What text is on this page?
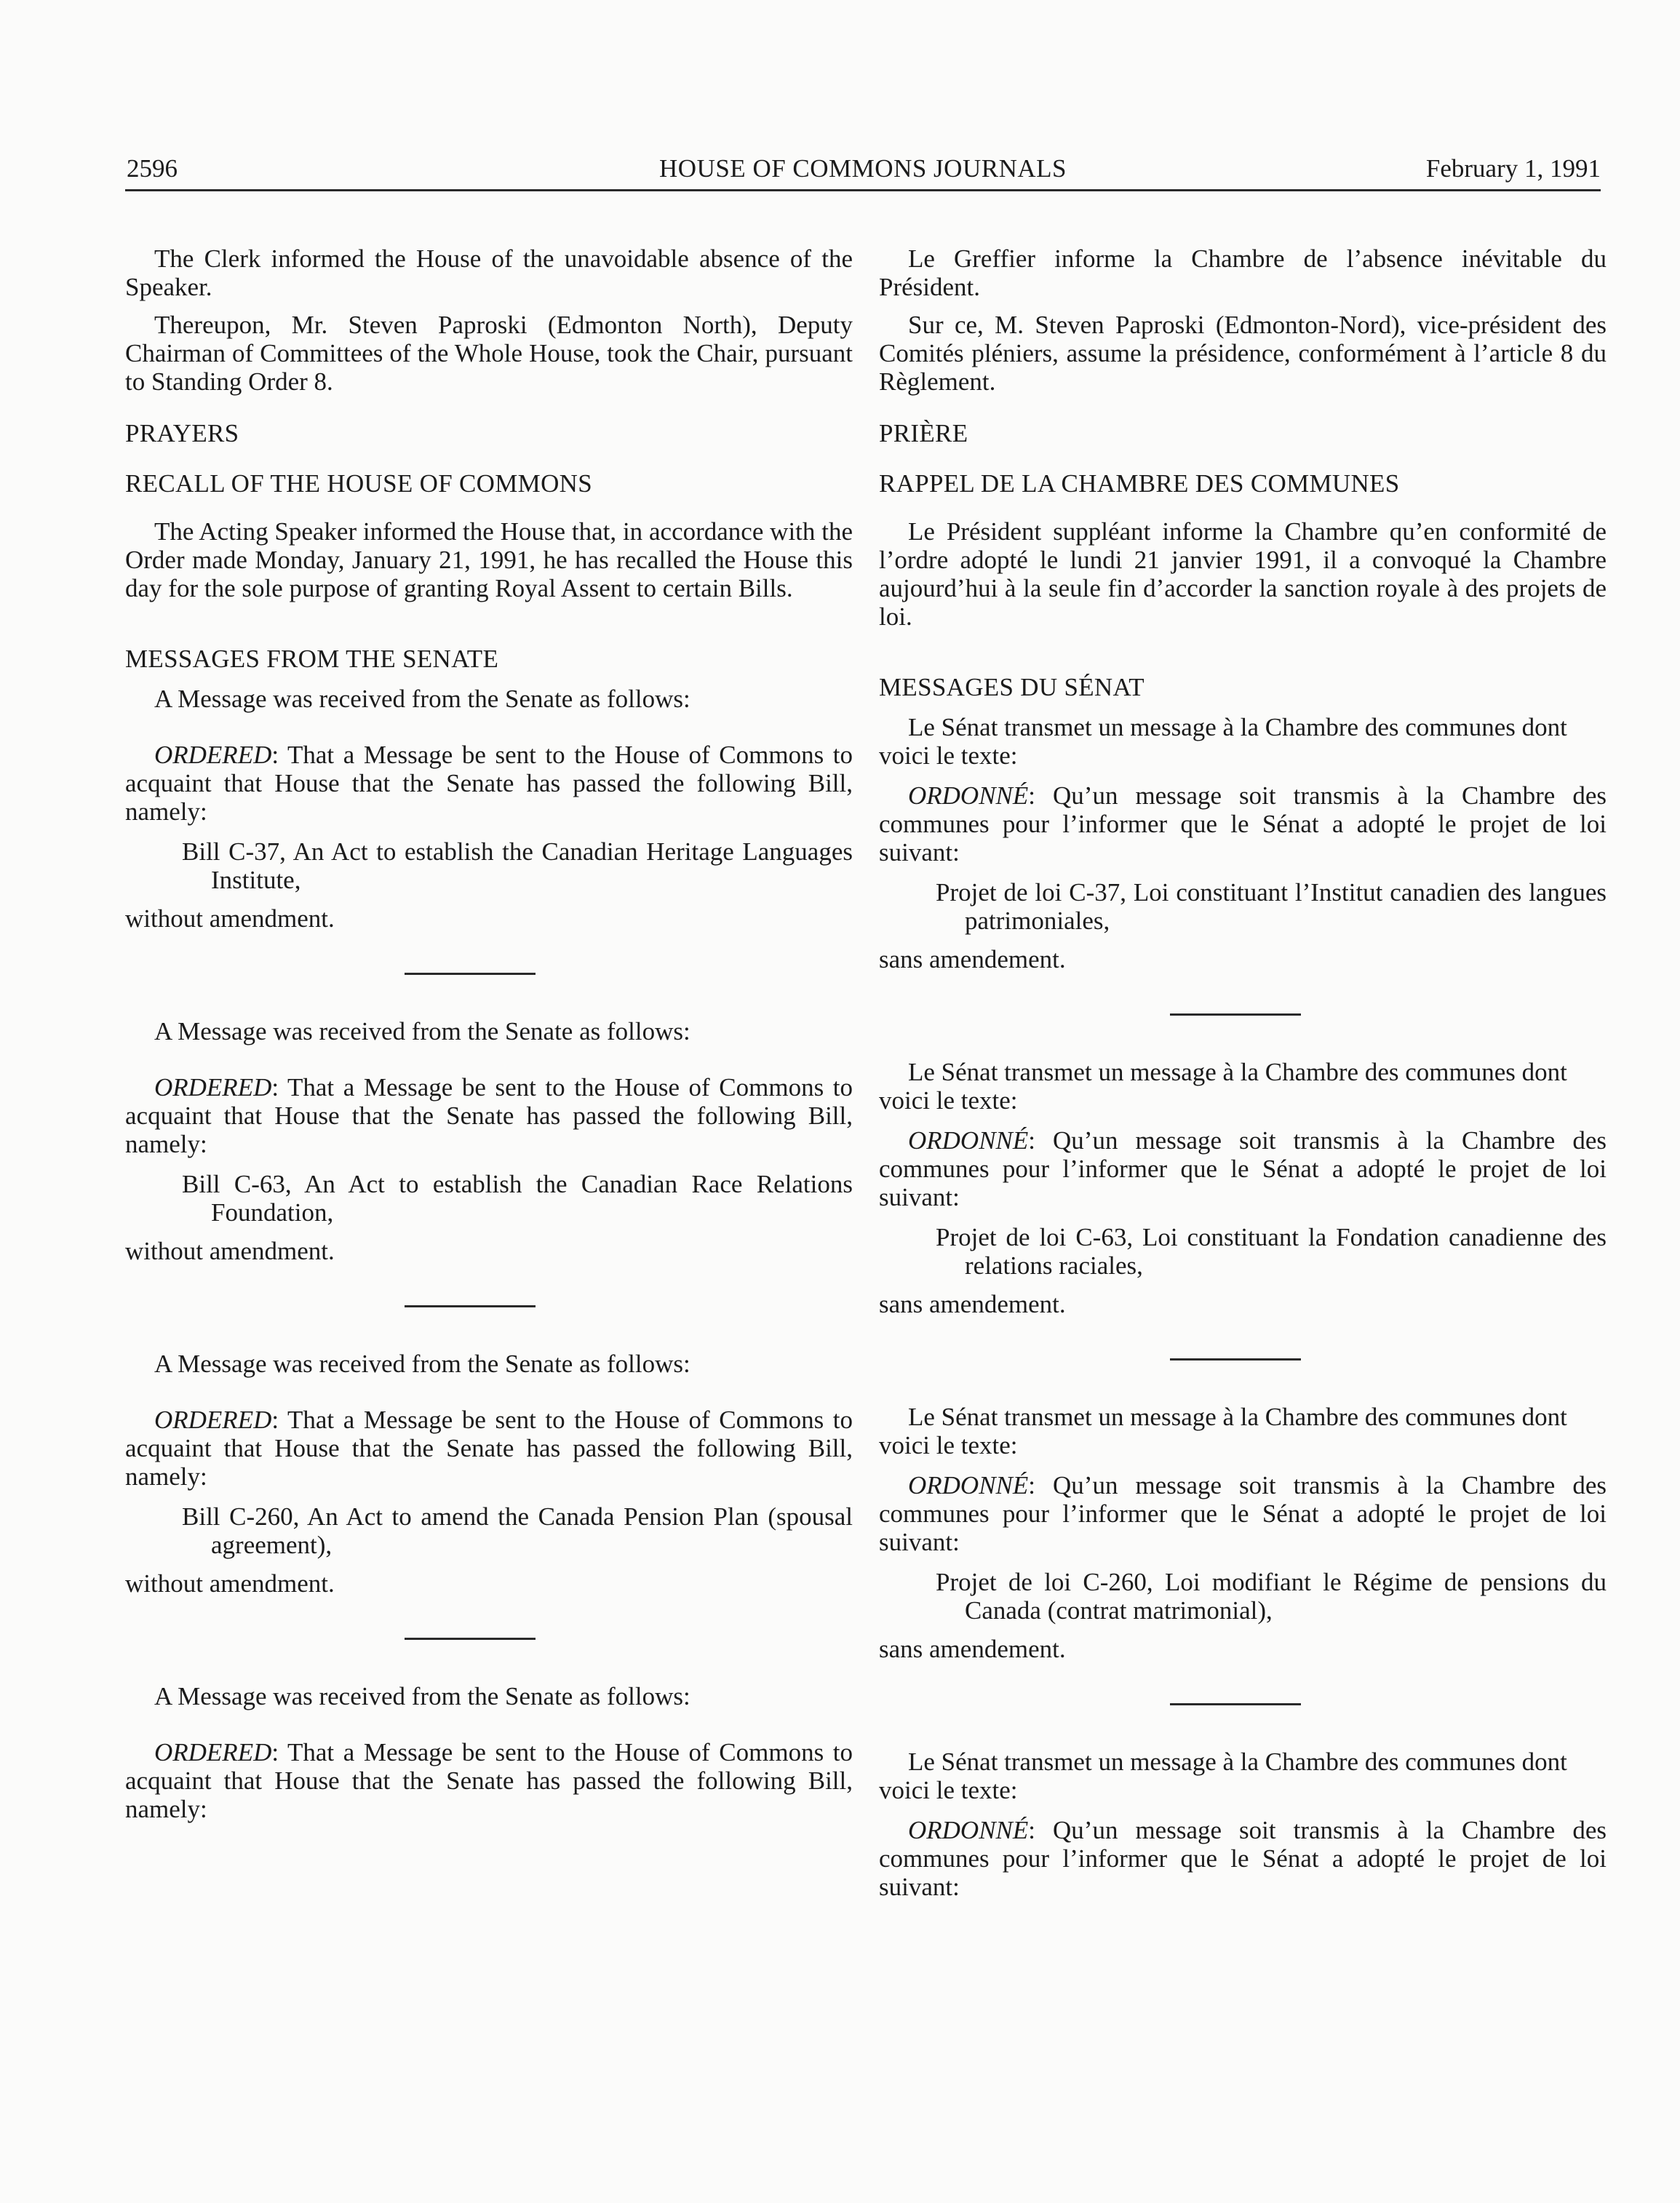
2596	HOUSE OF COMMONS JOURNALS	February 1, 1991

The Clerk informed the House of the unavoidable absence of the Speaker.

Thereupon, Mr. Steven Paproski (Edmonton North), Deputy Chairman of Committees of the Whole House, took the Chair, pursuant to Standing Order 8.

PRAYERS

RECALL OF THE HOUSE OF COMMONS

The Acting Speaker informed the House that, in accordance with the Order made Monday, January 21, 1991, he has recalled the House this day for the sole purpose of granting Royal Assent to certain Bills.

MESSAGES FROM THE SENATE

A Message was received from the Senate as follows:

ORDERED: That a Message be sent to the House of Commons to acquaint that House that the Senate has passed the following Bill, namely:

Bill C-37, An Act to establish the Canadian Heritage Languages Institute,

without amendment.

A Message was received from the Senate as follows:

ORDERED: That a Message be sent to the House of Commons to acquaint that House that the Senate has passed the following Bill, namely:

Bill C-63, An Act to establish the Canadian Race Relations Foundation,

without amendment.

A Message was received from the Senate as follows:

ORDERED: That a Message be sent to the House of Commons to acquaint that House that the Senate has passed the following Bill, namely:

Bill C-260, An Act to amend the Canada Pension Plan (spousal agreement),

without amendment.

A Message was received from the Senate as follows:

ORDERED: That a Message be sent to the House of Commons to acquaint that House that the Senate has passed the following Bill, namely:

Le Greffier informe la Chambre de l’absence inévitable du Président.

Sur ce, M. Steven Paproski (Edmonton-Nord), vice-président des Comités pléniers, assume la présidence, conformément à l’article 8 du Règlement.

PRIÈRE

RAPPEL DE LA CHAMBRE DES COMMUNES

Le Président suppléant informe la Chambre qu’en conformité de l’ordre adopté le lundi 21 janvier 1991, il a convoqué la Chambre aujourd’hui à la seule fin d’accorder la sanction royale à des projets de loi.

MESSAGES DU SÉNAT

Le Sénat transmet un message à la Chambre des communes dont voici le texte:

ORDONNÉ: Qu’un message soit transmis à la Chambre des communes pour l’informer que le Sénat a adopté le projet de loi suivant:

Projet de loi C-37, Loi constituant l’Institut canadien des langues patrimoniales,

sans amendement.

Le Sénat transmet un message à la Chambre des communes dont voici le texte:

ORDONNÉ: Qu’un message soit transmis à la Chambre des communes pour l’informer que le Sénat a adopté le projet de loi suivant:

Projet de loi C-63, Loi constituant la Fondation canadienne des relations raciales,

sans amendement.

Le Sénat transmet un message à la Chambre des communes dont voici le texte:

ORDONNÉ: Qu’un message soit transmis à la Chambre des communes pour l’informer que le Sénat a adopté le projet de loi suivant:

Projet de loi C-260, Loi modifiant le Régime de pensions du Canada (contrat matrimonial),

sans amendement.

Le Sénat transmet un message à la Chambre des communes dont voici le texte:

ORDONNÉ: Qu’un message soit transmis à la Chambre des communes pour l’informer que le Sénat a adopté le projet de loi suivant:
